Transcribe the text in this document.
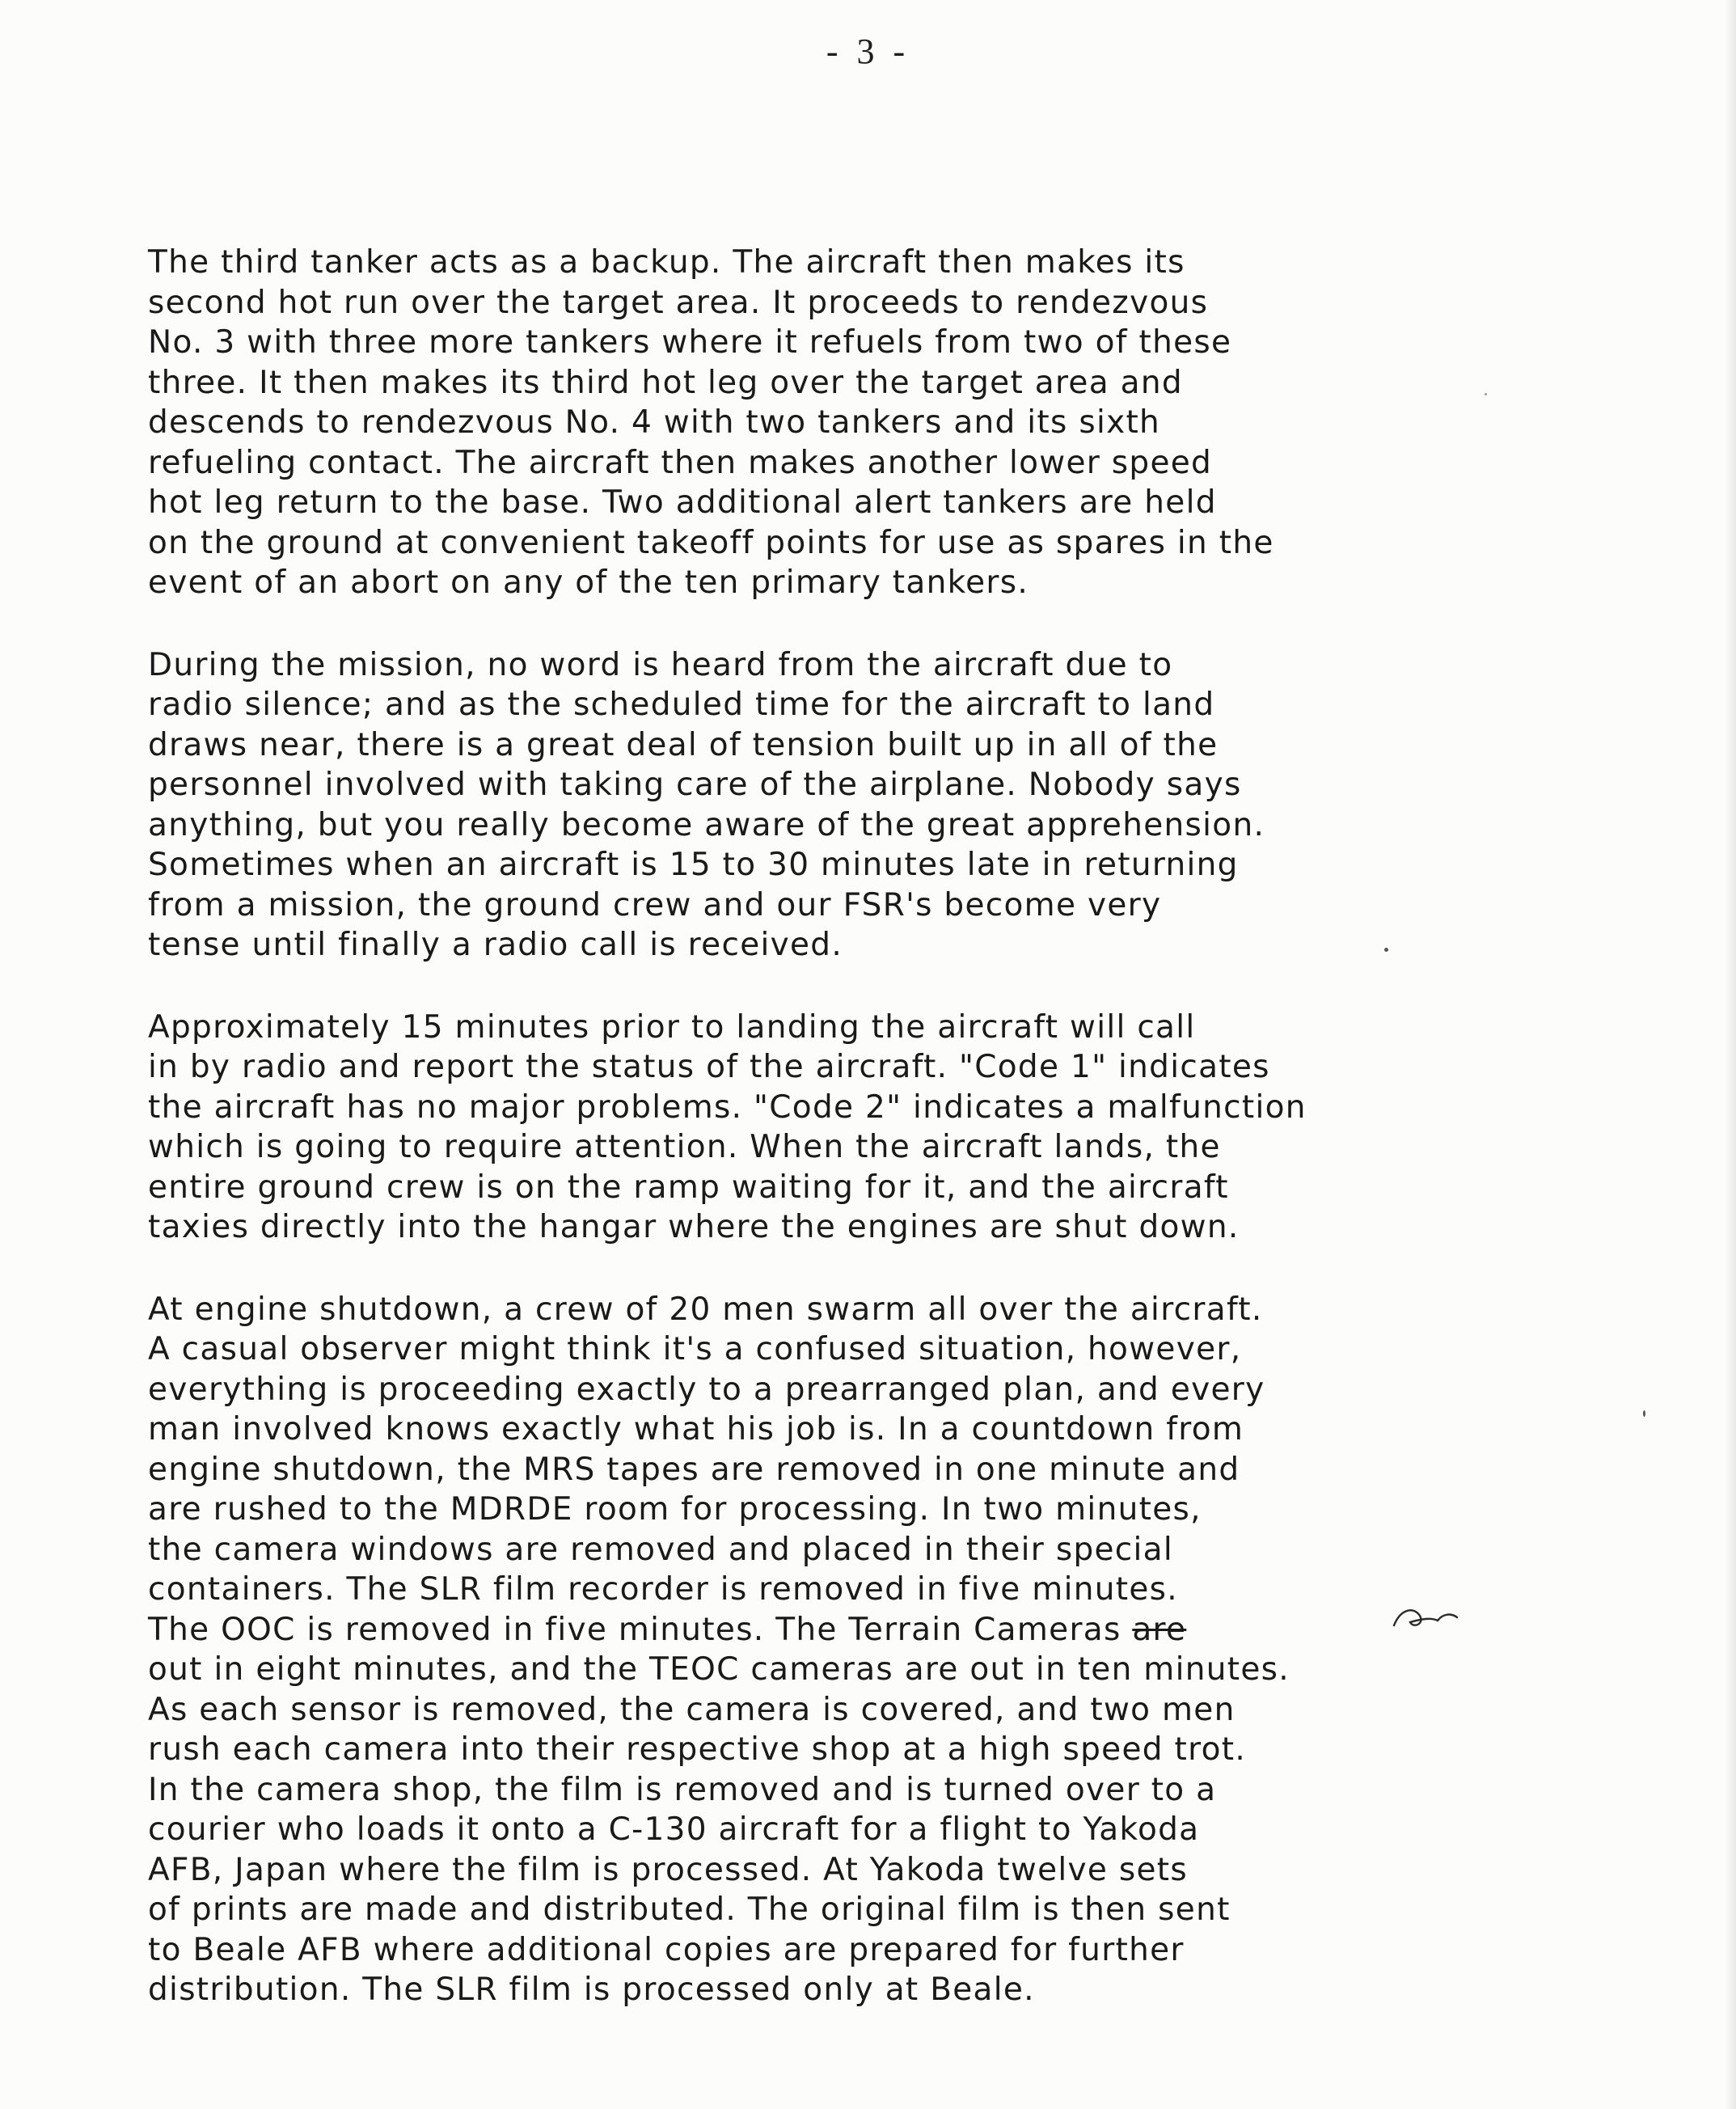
- 3 -
The third tanker acts as a backup. The aircraft then makes its
second hot run over the target area. It proceeds to rendezvous
No. 3 with three more tankers where it refuels from two of these
three. It then makes its third hot leg over the target area and
descends to rendezvous No. 4 with two tankers and its sixth
refueling contact. The aircraft then makes another lower speed
hot leg return to the base. Two additional alert tankers are held
on the ground at convenient takeoff points for use as spares in the
event of an abort on any of the ten primary tankers.
During the mission, no word is heard from the aircraft due to
radio silence; and as the scheduled time for the aircraft to land
draws near, there is a great deal of tension built up in all of the
personnel involved with taking care of the airplane. Nobody says
anything, but you really become aware of the great apprehension.
Sometimes when an aircraft is 15 to 30 minutes late in returning
from a mission, the ground crew and our FSR's become very
tense until finally a radio call is received.
Approximately 15 minutes prior to landing the aircraft will call
in by radio and report the status of the aircraft. "Code 1" indicates
the aircraft has no major problems. "Code 2" indicates a malfunction
which is going to require attention. When the aircraft lands, the
entire ground crew is on the ramp waiting for it, and the aircraft
taxies directly into the hangar where the engines are shut down.
At engine shutdown, a crew of 20 men swarm all over the aircraft.
A casual observer might think it's a confused situation, however,
everything is proceeding exactly to a prearranged plan, and every
man involved knows exactly what his job is. In a countdown from
engine shutdown, the MRS tapes are removed in one minute and
are rushed to the MDRDE room for processing. In two minutes,
the camera windows are removed and placed in their special
containers. The SLR film recorder is removed in five minutes.
The OOC is removed in five minutes. The Terrain Cameras are
out in eight minutes, and the TEOC cameras are out in ten minutes.
As each sensor is removed, the camera is covered, and two men
rush each camera into their respective shop at a high speed trot.
In the camera shop, the film is removed and is turned over to a
courier who loads it onto a C-130 aircraft for a flight to Yakoda
AFB, Japan where the film is processed. At Yakoda twelve sets
of prints are made and distributed. The original film is then sent
to Beale AFB where additional copies are prepared for further
distribution. The SLR film is processed only at Beale.
